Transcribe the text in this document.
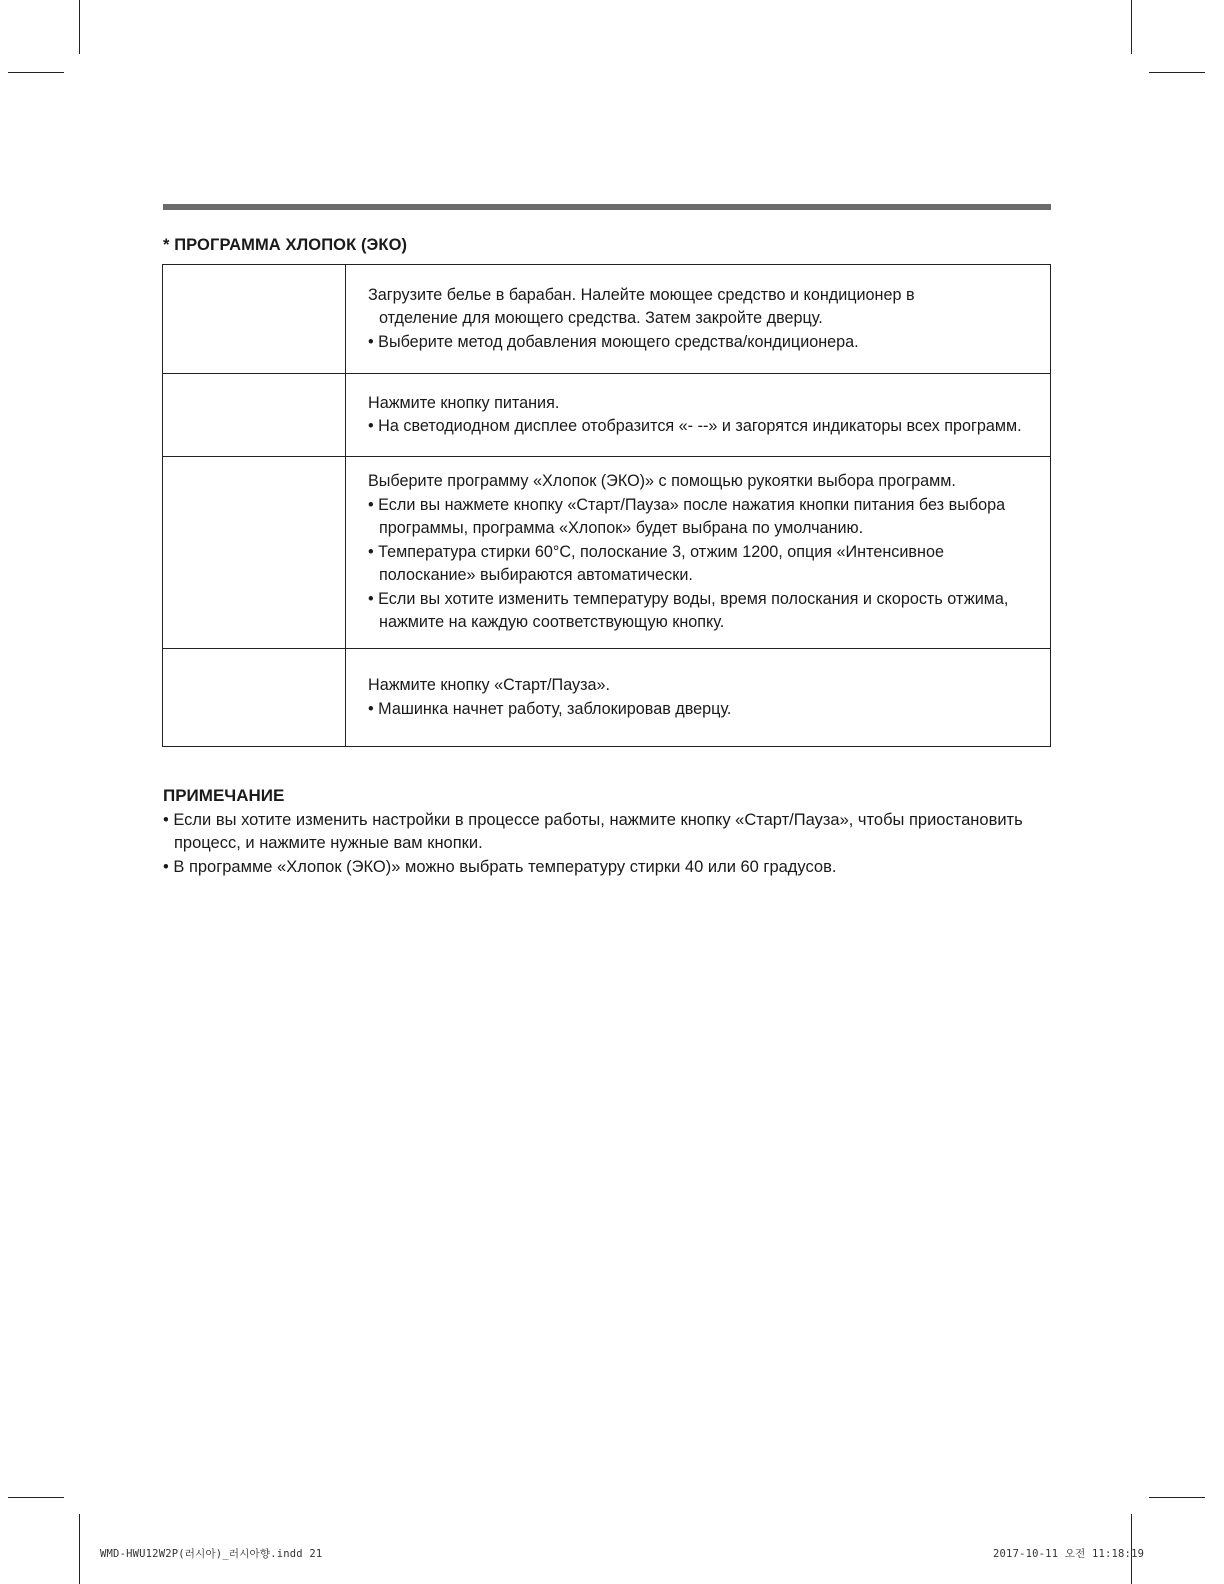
* ПРОГРАММА ХЛОПОК (ЭКО)

	Загрузите белье в барабан. Налейте моющее средство и кондиционер в
отделение для моющего средства. Затем закройте дверцу.
• Выберите метод добавления моющего средства/кондиционера.

	Нажмите кнопку питания.
• На светодиодном дисплее отобразится «- --» и загорятся индикаторы всех программ.

	Выберите программу «Хлопок (ЭКО)» с помощью рукоятки выбора программ.
• Если вы нажмете кнопку «Старт/Пауза» после нажатия кнопки питания без выбора программы, программа «Хлопок» будет выбрана по умолчанию.
• Температура стирки 60°С, полоскание 3, отжим 1200, опция «Интенсивное полоскание» выбираются автоматически.
• Если вы хотите изменить температуру воды, время полоскания и скорость отжима, нажмите на каждую соответствующую кнопку.

	Нажмите кнопку «Старт/Пауза».
• Машинка начнет работу, заблокировав дверцу.
ПРИМЕЧАНИЕ
• Если вы хотите изменить настройки в процессе работы, нажмите кнопку «Старт/Пауза», чтобы приостановить процесс, и нажмите нужные вам кнопки.
• В программе «Хлопок (ЭКО)» можно выбрать температуру стирки 40 или 60 градусов.
WMD-HWU12W2P(러시아)_러시아향.indd 21	2017-10-11 오전 11:18:19
